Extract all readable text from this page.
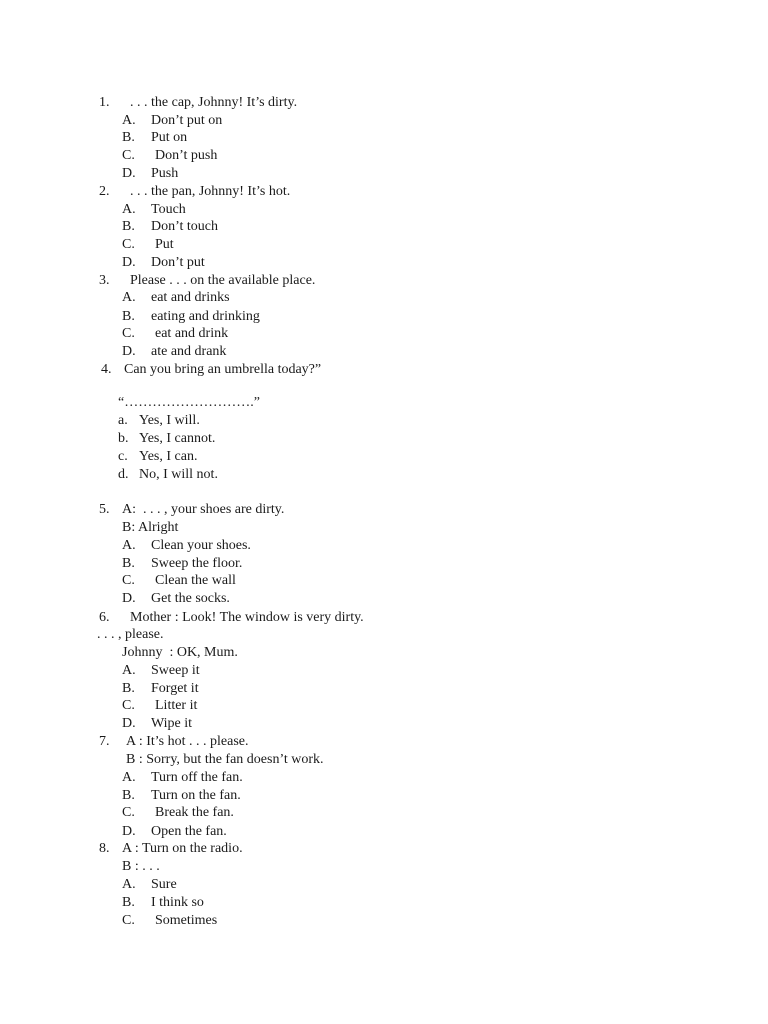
1. . . . the cap, Johnny! It’s dirty.
A. Don’t put on
B. Put on
C. Don’t push
D. Push
2. . . . the pan, Johnny! It’s hot.
A. Touch
B. Don’t touch
C. Put
D. Don’t put
3. Please . . . on the available place.
A. eat and drinks
B. eating and drinking
C. eat and drink
D. ate and drank
4. Can you bring an umbrella today?”
“……………………….”
a. Yes, I will.
b. Yes, I cannot.
c. Yes, I can.
d. No, I will not.
5. A:  . . . , your shoes are dirty.
B: Alright
A. Clean your shoes.
B. Sweep the floor.
C. Clean the wall
D. Get the socks.
6. Mother : Look! The window is very dirty.
. . . , please.
Johnny  : OK, Mum.
A. Sweep it
B. Forget it
C. Litter it
D. Wipe it
7. A : It’s hot . . . please.
B : Sorry, but the fan doesn’t work.
A. Turn off the fan.
B. Turn on the fan.
C. Break the fan.
D. Open the fan.
8. A : Turn on the radio.
B : . . .
A. Sure
B. I think so
C. Sometimes
